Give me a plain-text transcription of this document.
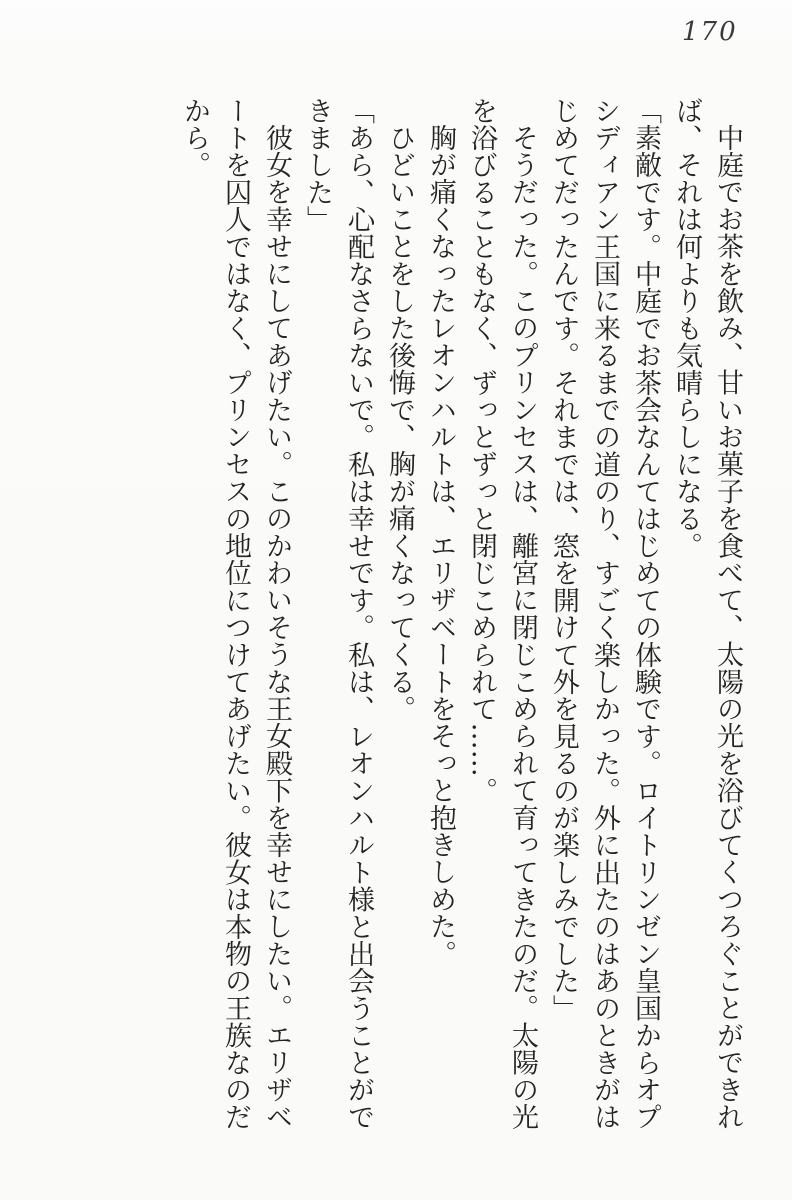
170

中庭でお茶を飲み、甘いお菓子を食べて、太陽の光を浴びてくつろぐことができれば、それは何よりも気晴らしになる。

「素敵です。中庭でお茶会なんてはじめての体験です。ロイトリンゼン皇国からオプシディアン王国に来るまでの道のり、すごく楽しかった。外に出たのはあのときがはじめてだったんです。それまでは、窓を開けて外を見るのが楽しみでした」

そうだった。このプリンセスは、離宮に閉じこめられて育ってきたのだ。太陽の光を浴びることもなく、ずっとずっと閉じこめられて……。

胸が痛くなったレオンハルトは、エリザベートをそっと抱きしめた。

ひどいことをした後悔で、胸が痛くなってくる。

「あら、心配なさらないで。私は幸せです。私は、レオンハルト様と出会うことができました」

彼女を幸せにしてあげたい。このかわいそうな王女殿下を幸せにしたい。エリザベートを囚人ではなく、プリンセスの地位につけてあげたい。彼女は本物の王族なのだから。
